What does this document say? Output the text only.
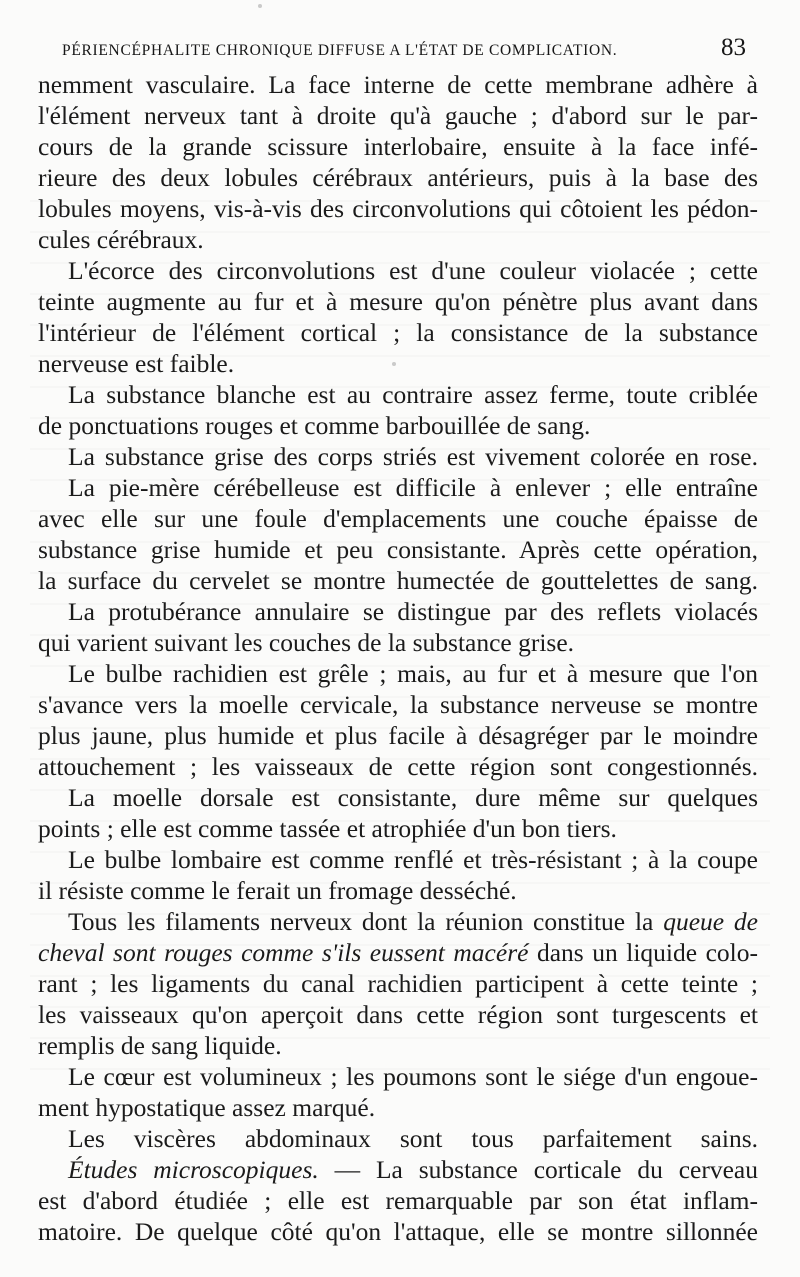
PÉRIENCÉPHALITE CHRONIQUE DIFFUSE A L'ÉTAT DE COMPLICATION.	83
nemment vasculaire. La face interne de cette membrane adhère à
l'élément nerveux tant à droite qu'à gauche ; d'abord sur le par-
cours de la grande scissure interlobaire, ensuite à la face infé-
rieure des deux lobules cérébraux antérieurs, puis à la base des
lobules moyens, vis-à-vis des circonvolutions qui côtoient les pédon-
cules cérébraux.
L'écorce des circonvolutions est d'une couleur violacée ; cette
teinte augmente au fur et à mesure qu'on pénètre plus avant dans
l'intérieur de l'élément cortical ; la consistance de la substance
nerveuse est faible.
La substance blanche est au contraire assez ferme, toute criblée
de ponctuations rouges et comme barbouillée de sang.
La substance grise des corps striés est vivement colorée en rose.
La pie-mère cérébelleuse est difficile à enlever ; elle entraîne
avec elle sur une foule d'emplacements une couche épaisse de
substance grise humide et peu consistante. Après cette opération,
la surface du cervelet se montre humectée de gouttelettes de sang.
La protubérance annulaire se distingue par des reflets violacés
qui varient suivant les couches de la substance grise.
Le bulbe rachidien est grêle ; mais, au fur et à mesure que l'on
s'avance vers la moelle cervicale, la substance nerveuse se montre
plus jaune, plus humide et plus facile à désagréger par le moindre
attouchement ; les vaisseaux de cette région sont congestionnés.
La moelle dorsale est consistante, dure même sur quelques
points ; elle est comme tassée et atrophiée d'un bon tiers.
Le bulbe lombaire est comme renflé et très-résistant ; à la coupe
il résiste comme le ferait un fromage desséché.
Tous les filaments nerveux dont la réunion constitue la queue de
cheval sont rouges comme s'ils eussent macéré dans un liquide colo-
rant ; les ligaments du canal rachidien participent à cette teinte ;
les vaisseaux qu'on aperçoit dans cette région sont turgescents et
remplis de sang liquide.
Le cœur est volumineux ; les poumons sont le siége d'un engoue-
ment hypostatique assez marqué.
Les viscères abdominaux sont tous parfaitement sains.
Études microscopiques. — La substance corticale du cerveau
est d'abord étudiée ; elle est remarquable par son état inflam-
matoire. De quelque côté qu'on l'attaque, elle se montre sillonnée
